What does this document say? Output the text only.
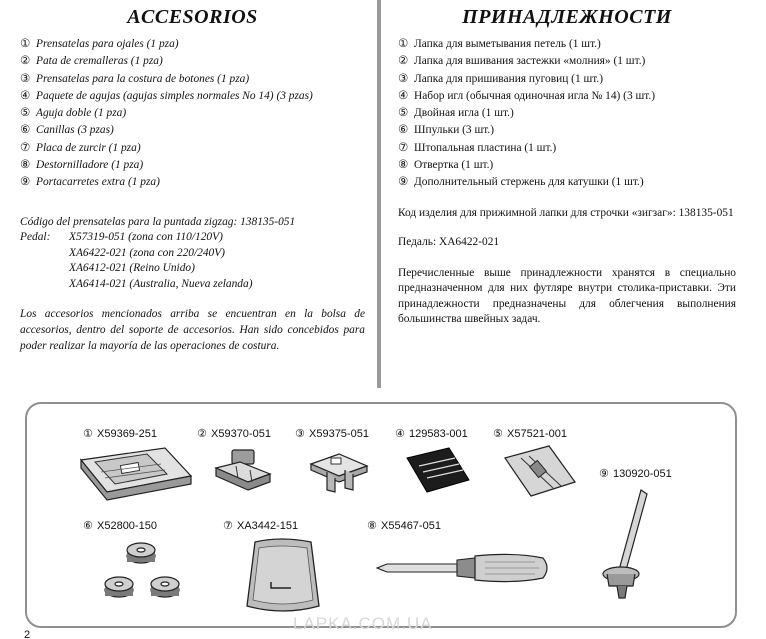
ACCESORIOS
① Prensatelas para ojales (1 pza)
② Pata de cremalleras (1 pza)
③ Prensatelas para la costura de botones (1 pza)
④ Paquete de agujas (agujas simples normales No 14) (3 pzas)
⑤ Aguja doble (1 pza)
⑥ Canillas (3 pzas)
⑦ Placa de zurcir (1 pza)
⑧ Destornilladore (1 pza)
⑨ Portacarretes extra (1 pza)

Código del prensatelas para la puntada zigzag: 138135-051

Pedal:	X57319-051 (zona con 110/120V)
XA6422-021 (zona con 220/240V)
XA6412-021 (Reino Unido)
XA6414-021 (Australia, Nueva zelanda)

Los accesorios mencionados arriba se encuentran en la bolsa de accesorios, dentro del soporte de accesorios. Han sido concebidos para poder realizar la mayoría de las operaciones de costura.

ПРИНАДЛЕЖНОСТИ
① Лапка для выметывания петель (1 шт.)
② Лапка для вшивания застежки «молния» (1 шт.)
③ Лапка для пришивания пуговиц (1 шт.)
④ Набор игл (обычная одиночная игла № 14) (3 шт.)
⑤ Двойная игла (1 шт.)
⑥ Шпульки (3 шт.)
⑦ Штопальная пластина (1 шт.)
⑧ Отвертка (1 шт.)
⑨ Дополнительный стержень для катушки (1 шт.)

Код изделия для прижимной лапки для строчки «зигзаг»: 138135-051

Педаль: XA6422-021

Перечисленные выше принадлежности хранятся в специально предназначенном для них футляре внутри столика-приставки. Эти принадлежности предназначены для облегчения выполнения большинства швейных задач.

① X59369-251	② X59370-051 ③ X59375-051 ④ 129583-001 ⑤ X57521-001
⑨ 130920-051
⑥ X52800-150	⑦ XA3442-151	⑧ X55467-051
2
LAPKA.COM.UA
